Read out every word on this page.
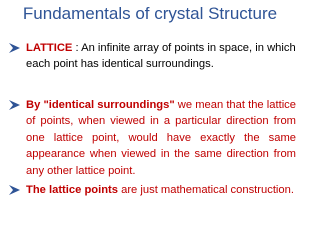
Fundamentals of crystal Structure
LATTICE : An infinite array of points in space, in which each point has identical surroundings.
By "identical surroundings" we mean that the lattice of points, when viewed in a particular direction from one lattice point, would have exactly the same appearance when viewed in the same direction from any other lattice point.
The lattice points are just mathematical construction.
